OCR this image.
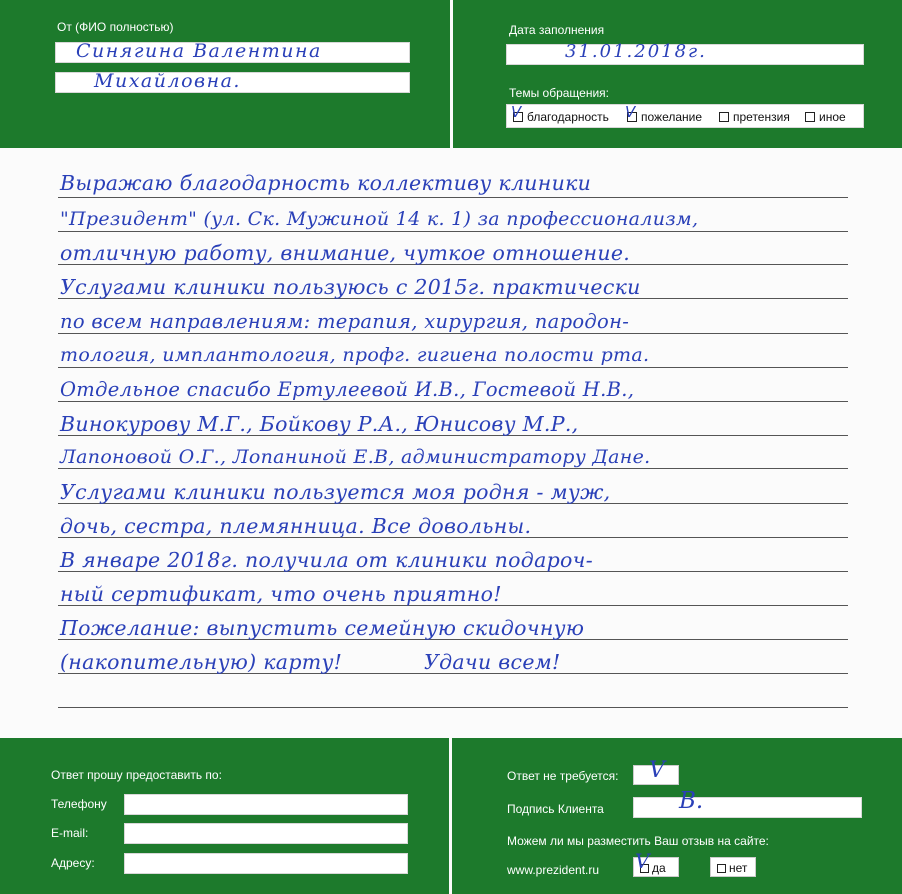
От (ФИО полностью)
Синягина Валентина
Михайловна.
Дата заполнения
31.01.2018г.
Темы обращения:
V благодарность V пожелание	претензия иное
Выражаю благодарность коллективу клиники
"Президент" (ул. Ск. Мужиной 14 к. 1) за профессионализм,
отличную работу, внимание, чуткое отношение.
Услугами клиники пользуюсь с 2015г. практически
по всем направлениям: терапия, хирургия, пародон-
тология, имплантология, профг. гигиена полости рта.
Отдельное спасибо Ертулеевой И.В., Гостевой Н.В.,
Винокурову М.Г., Бойкову Р.А., Юнисову М.Р.,
Лапоновой О.Г., Лопаниной Е.В, администратору Дане.
Услугами клиники пользуется моя родня - муж,
дочь, сестра, племянница. Все довольны.
В январе 2018г. получила от клиники подароч-
ный сертификат, что очень приятно!
Пожелание: выпустить семейную скидочную
(накопительную) карту!            Удачи всем!
Ответ прошу предоставить по:
Телефону
E-mail:
Адресу:
Ответ не требуется: V
Подпись Клиента	В.
Можем ли мы разместить Ваш отзыв на сайте:
www.prezident.ru V да	нет
